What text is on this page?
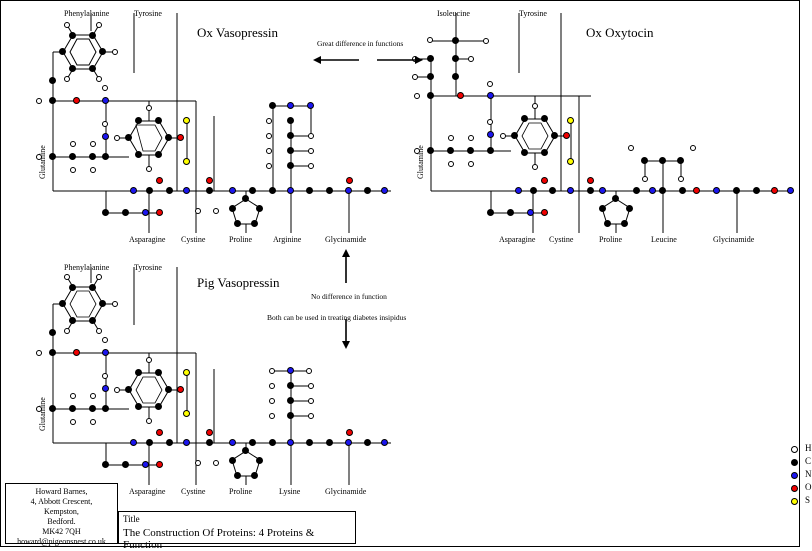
Ox Vasopressin
Phenylalanine	Tyrosine
Glutamine
Asparagine Cystine	Proline	Arginine	Glycinamide
Ox Oxytocin
Isoleucine	Tyrosine
Glutamine
Asparagine Cystine	Proline	Leucine	Glycinamide
Pig Vasopressin
Phenylalanine	Tyrosine
Glutamine
Asparagine Cystine	Proline	Lysine	Glycinamide
Great difference in functions
No difference in function
Both can be used in treating diabetes insipidus
H
C
N
O
S
Howard Barnes,
4, Abbott Crescent,
Kempston,
Bedford.
MK42 7QH
howard@pigeonsnest.co.uk
Title
The Construction Of Proteins: 4 Proteins & Function
